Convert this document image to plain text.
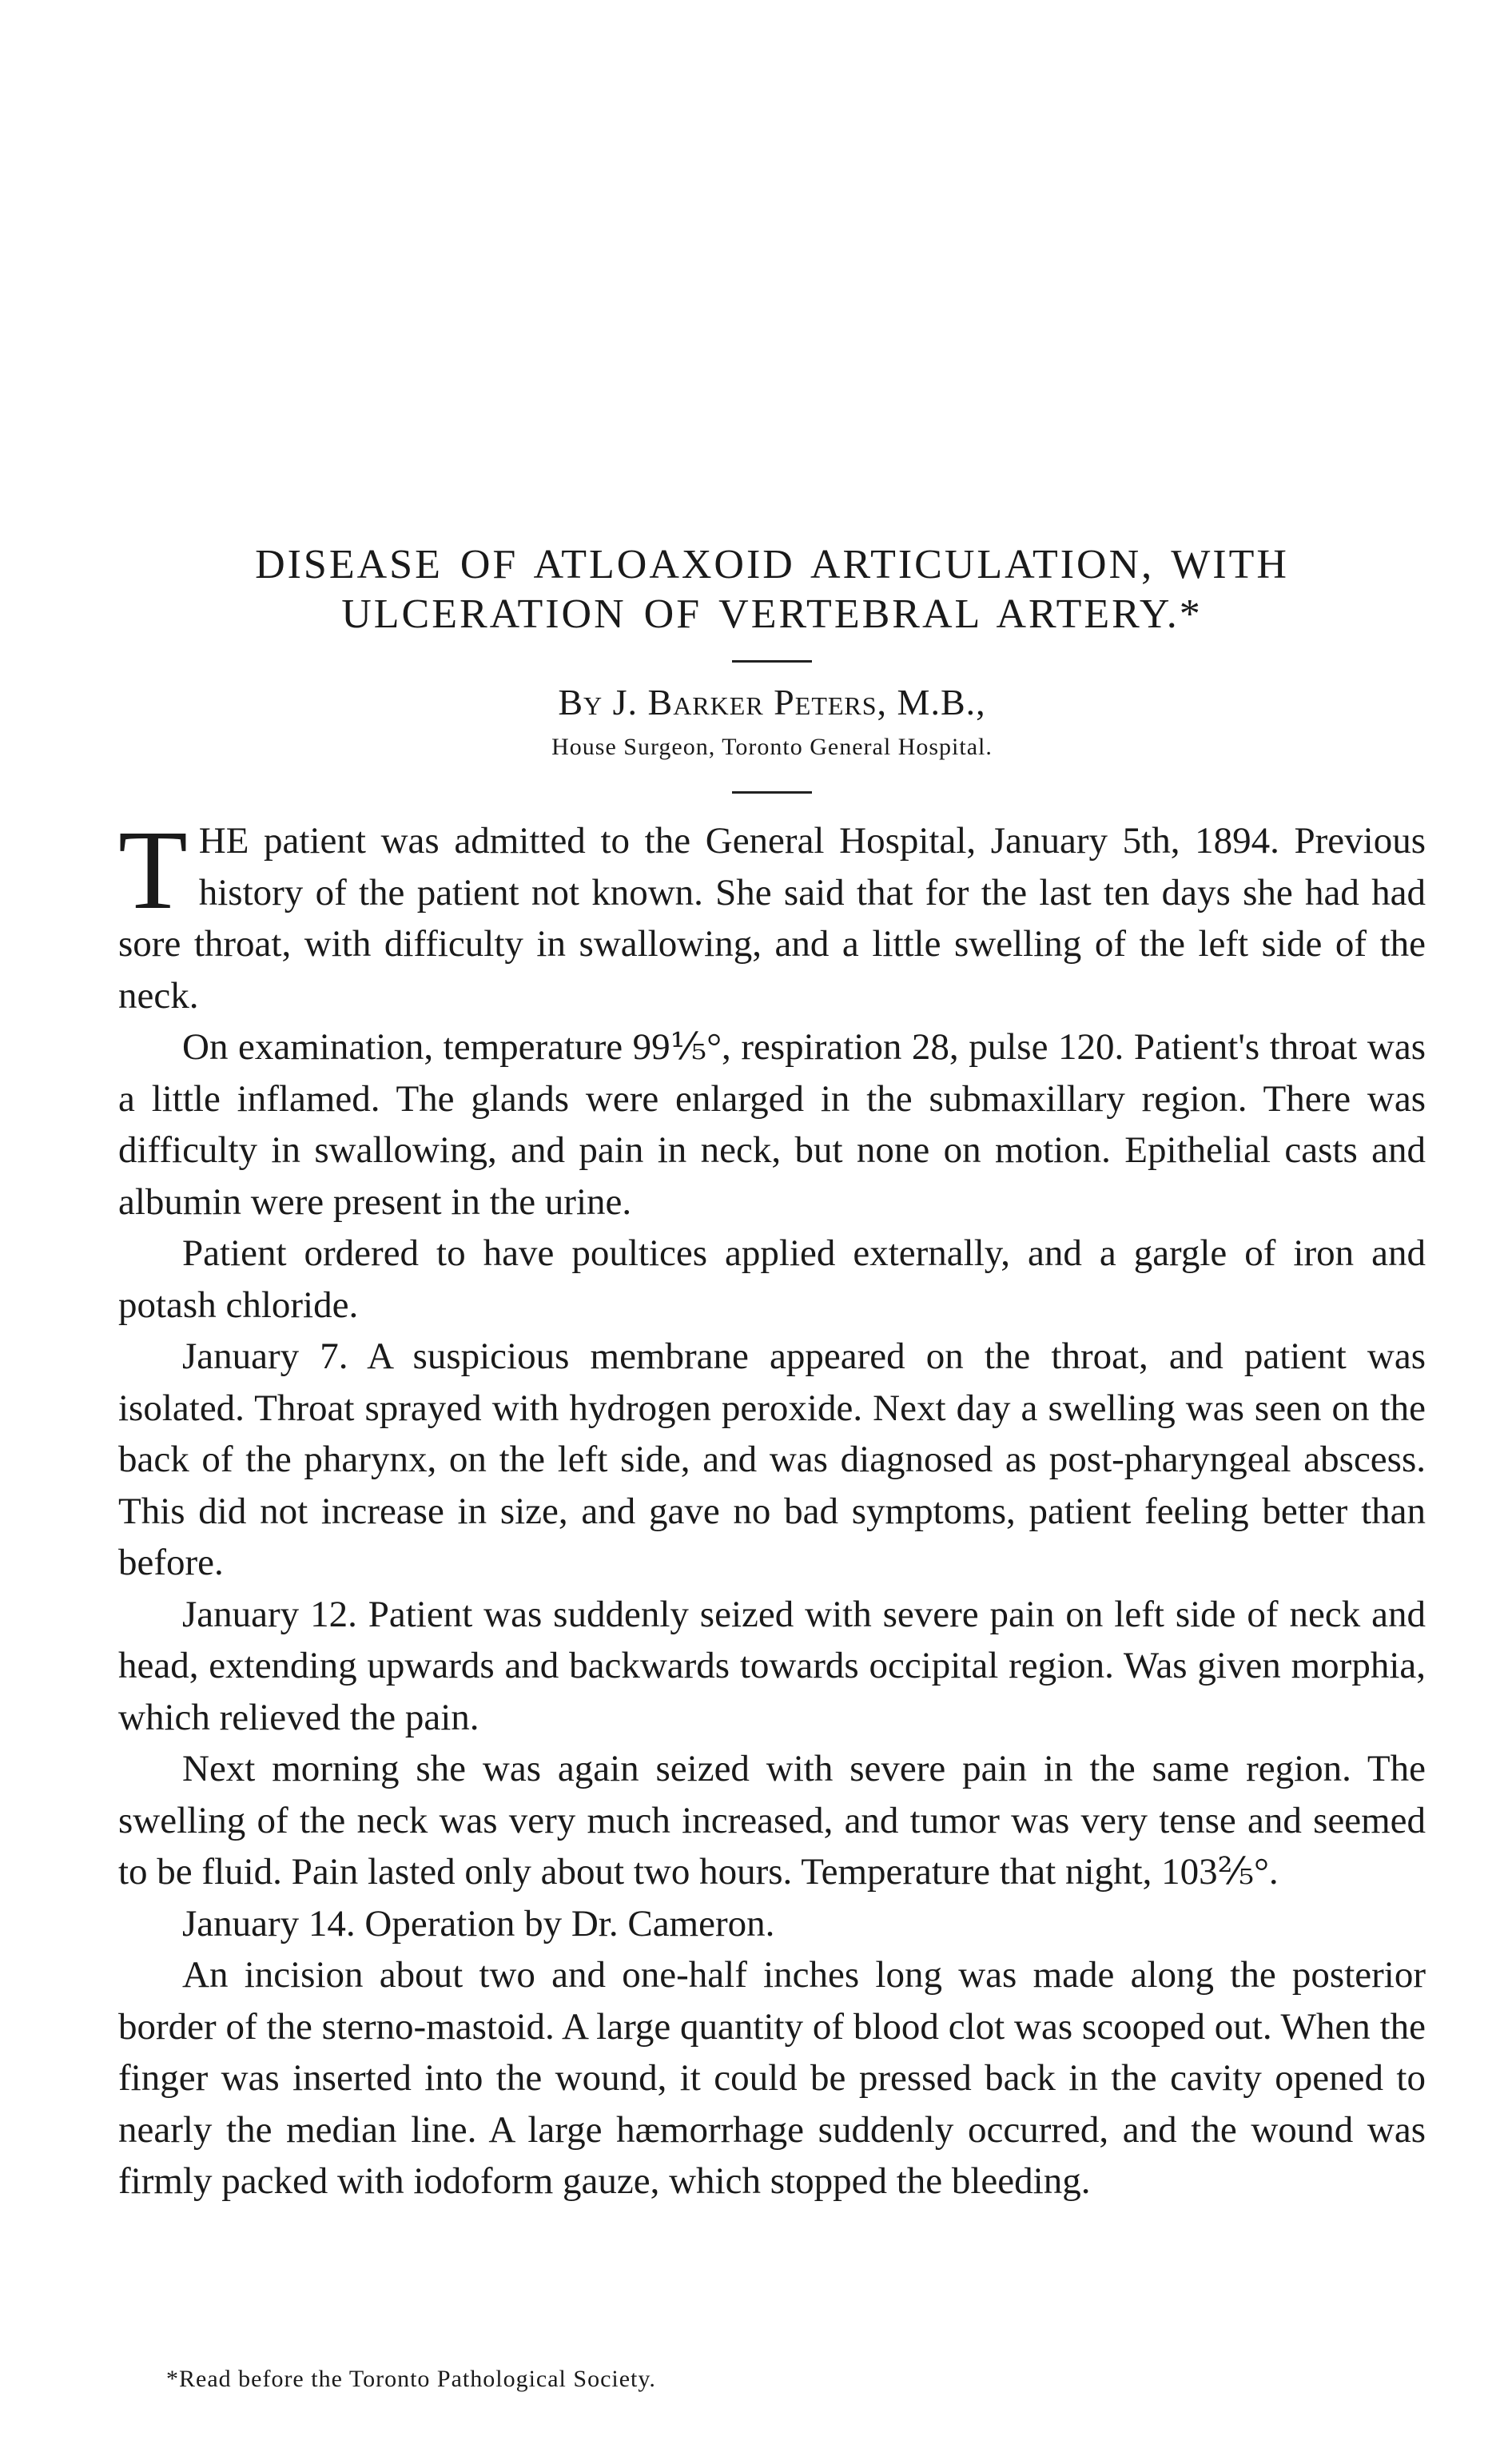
DISEASE OF ATLOAXOID ARTICULATION, WITH ULCERATION OF VERTEBRAL ARTERY.*
By J. Barker Peters, M.B.,
House Surgeon, Toronto General Hospital.

THE patient was admitted to the General Hospital, January 5th, 1894. Previous history of the patient not known. She said that for the last ten days she had had sore throat, with difficulty in swallowing, and a little swelling of the left side of the neck.

On examination, temperature 99⅕°, respiration 28, pulse 120. Patient's throat was a little inflamed. The glands were enlarged in the submaxillary region. There was difficulty in swallowing, and pain in neck, but none on motion. Epithelial casts and albumin were present in the urine.

Patient ordered to have poultices applied externally, and a gargle of iron and potash chloride.

January 7. A suspicious membrane appeared on the throat, and patient was isolated. Throat sprayed with hydrogen peroxide. Next day a swelling was seen on the back of the pharynx, on the left side, and was diagnosed as post-pharyngeal abscess. This did not increase in size, and gave no bad symptoms, patient feeling better than before.

January 12. Patient was suddenly seized with severe pain on left side of neck and head, extending upwards and backwards towards occipital region. Was given morphia, which relieved the pain.

Next morning she was again seized with severe pain in the same region. The swelling of the neck was very much increased, and tumor was very tense and seemed to be fluid. Pain lasted only about two hours. Temperature that night, 103⅖°.

January 14. Operation by Dr. Cameron.

An incision about two and one-half inches long was made along the posterior border of the sterno-mastoid. A large quantity of blood clot was scooped out. When the finger was inserted into the wound, it could be pressed back in the cavity opened to nearly the median line. A large hæmorrhage suddenly occurred, and the wound was firmly packed with iodoform gauze, which stopped the bleeding.

*Read before the Toronto Pathological Society.
